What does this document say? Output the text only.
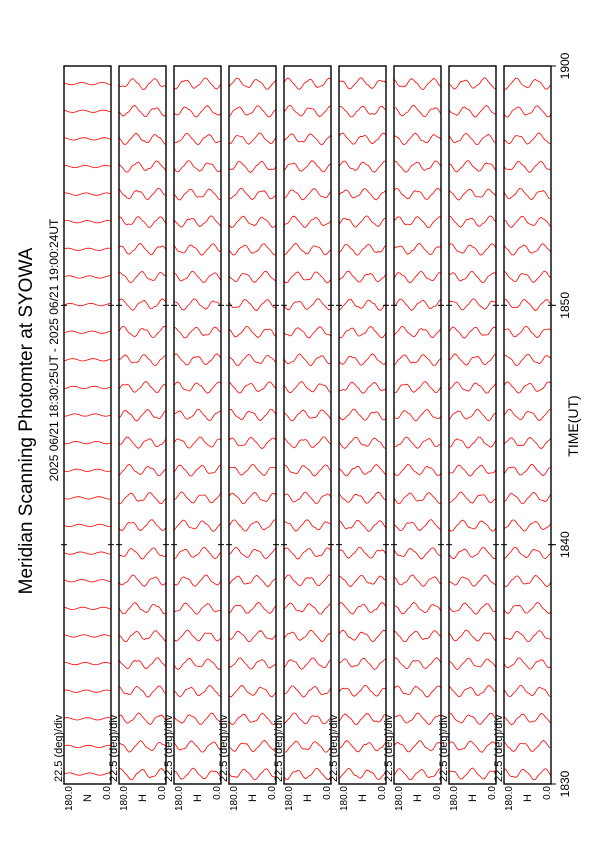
Meridian Scanning Photomter at SYOWA 2025 06/21 18:30:25UT - 2025 06/21 19:00:24UT	TIME(UT)
22.5 (deg)/div
180.0	0.0
N
22.5 (deg)/div
180.0	0.0
H
22.5 (deg)/div
180.0	0.0
H
22.5 (deg)/div
180.0	0.0
H
22.5 (deg)/div
180.0	0.0
H
22.5 (deg)/div
180.0	0.0
H
22.5 (deg)/div
180.0	0.0
H
22.5 (deg)/div
180.0	0.0
H
22.5 (deg)/div
180.0	0.0
H
1830
1840
1850
1900
